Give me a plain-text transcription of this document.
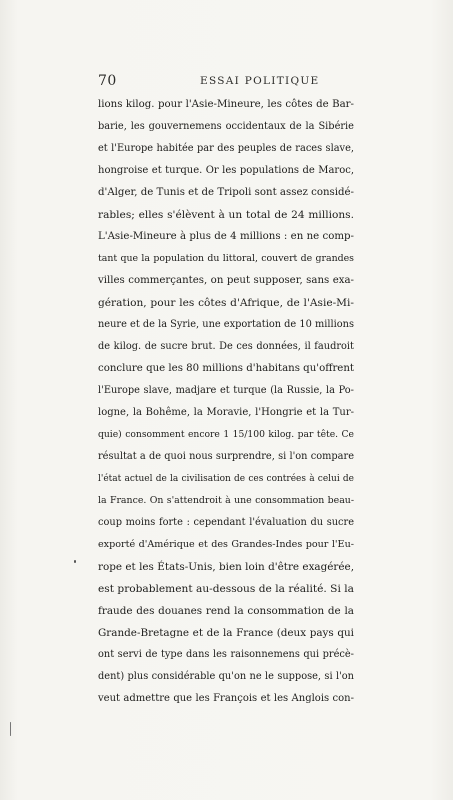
70	ESSAI POLITIQUE
lions kilog. pour l'Asie-Mineure, les côtes de Bar-
barie, les gouvernemens occidentaux de la Sibérie
et l'Europe habitée par des peuples de races slave,
hongroise et turque. Or les populations de Maroc,
d'Alger, de Tunis et de Tripoli sont assez considé-
rables; elles s'élèvent à un total de 24 millions.
L'Asie-Mineure à plus de 4 millions : en ne comp-
tant que la population du littoral, couvert de grandes
villes commerçantes, on peut supposer, sans exa-
gération, pour les côtes d'Afrique, de l'Asie-Mi-
neure et de la Syrie, une exportation de 10 millions
de kilog. de sucre brut. De ces données, il faudroit
conclure que les 80 millions d'habitans qu'offrent
l'Europe slave, madjare et turque (la Russie, la Po-
logne, la Bohême, la Moravie, l'Hongrie et la Tur-
quie) consomment encore 1 15/100 kilog. par tête. Ce
résultat a de quoi nous surprendre, si l'on compare
l'état actuel de la civilisation de ces contrées à celui de
la France. On s'attendroit à une consommation beau-
coup moins forte : cependant l'évaluation du sucre
exporté d'Amérique et des Grandes-Indes pour l'Eu-
rope et les États-Unis, bien loin d'être exagérée,
est probablement au-dessous de la réalité. Si la
fraude des douanes rend la consommation de la
Grande-Bretagne et de la France (deux pays qui
ont servi de type dans les raisonnemens qui précè-
dent) plus considérable qu'on ne le suppose, si l'on
veut admettre que les François et les Anglois con-
